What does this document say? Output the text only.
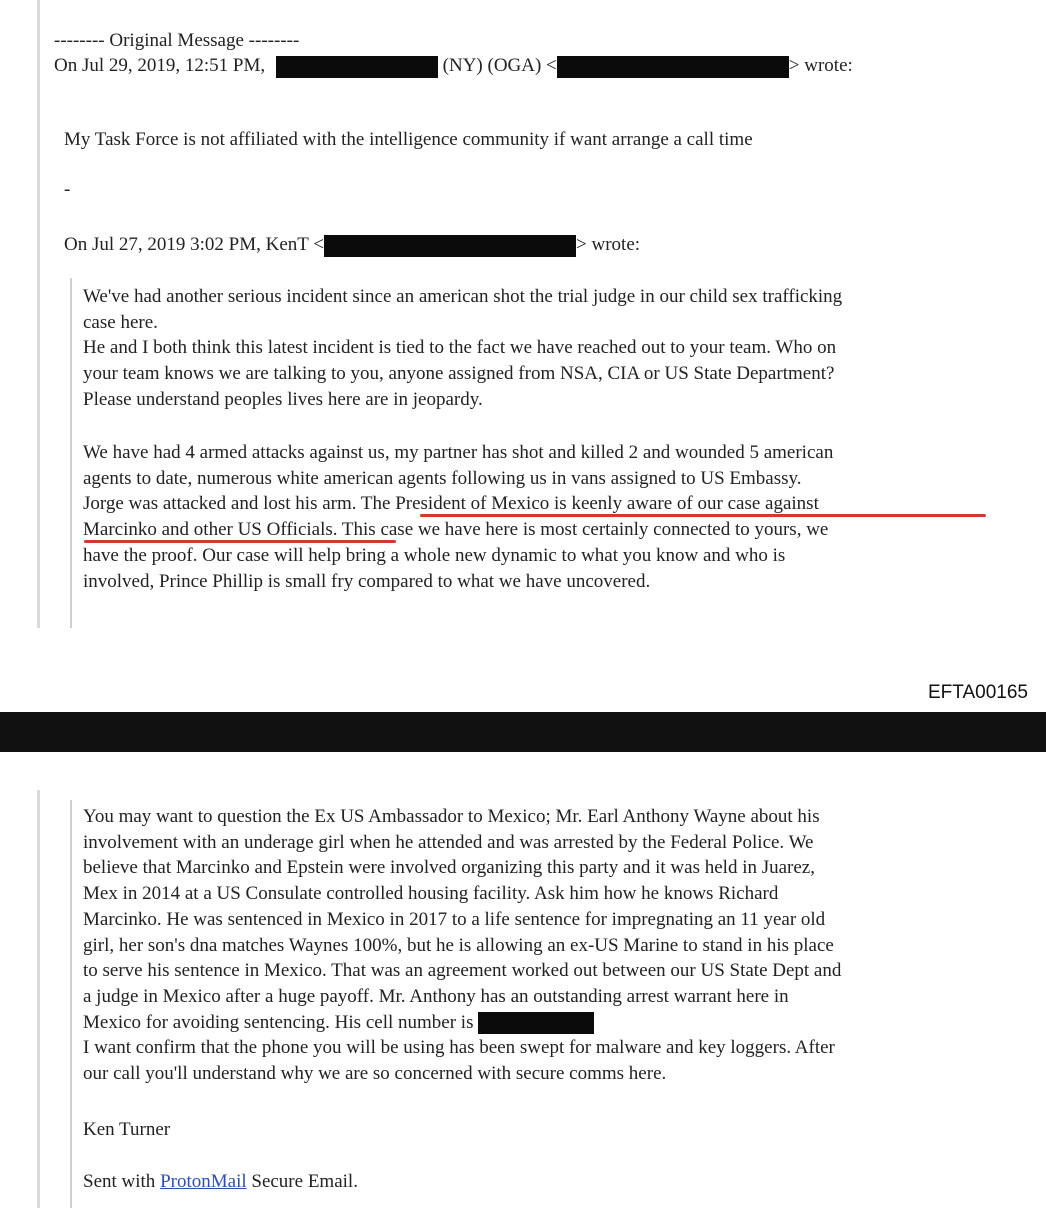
-------- Original Message --------
On Jul 29, 2019, 12:51 PM,	(NY) (OGA) <	> wrote:
My Task Force is not affiliated with the intelligence community if want arrange a call time
-
On Jul 27, 2019 3:02 PM, KenT <	> wrote:
We've had another serious incident since an american shot the trial judge in our child sex trafficking
case here.
He and I both think this latest incident is tied to the fact we have reached out to your team. Who on
your team knows we are talking to you, anyone assigned from NSA, CIA or US State Department?
Please understand peoples lives here are in jeopardy.
We have had 4 armed attacks against us, my partner has shot and killed 2 and wounded 5 american
agents to date, numerous white american agents following us in vans assigned to US Embassy.
Jorge was attacked and lost his arm. The President of Mexico is keenly aware of our case against
Marcinko and other US Officials. This case we have here is most certainly connected to yours, we
have the proof. Our case will help bring a whole new dynamic to what you know and who is
involved, Prince Phillip is small fry compared to what we have uncovered.
EFTA00165
You may want to question the Ex US Ambassador to Mexico; Mr. Earl Anthony Wayne about his
involvement with an underage girl when he attended and was arrested by the Federal Police. We
believe that Marcinko and Epstein were involved organizing this party and it was held in Juarez,
Mex in 2014 at a US Consulate controlled housing facility. Ask him how he knows Richard
Marcinko. He was sentenced in Mexico in 2017 to a life sentence for impregnating an 11 year old
girl, her son's dna matches Waynes 100%, but he is allowing an ex-US Marine to stand in his place
to serve his sentence in Mexico. That was an agreement worked out between our US State Dept and
a judge in Mexico after a huge payoff. Mr. Anthony has an outstanding arrest warrant here in
Mexico for avoiding sentencing. His cell number is
I want confirm that the phone you will be using has been swept for malware and key loggers. After
our call you'll understand why we are so concerned with secure comms here.
Ken Turner
Sent with ProtonMail Secure Email.
